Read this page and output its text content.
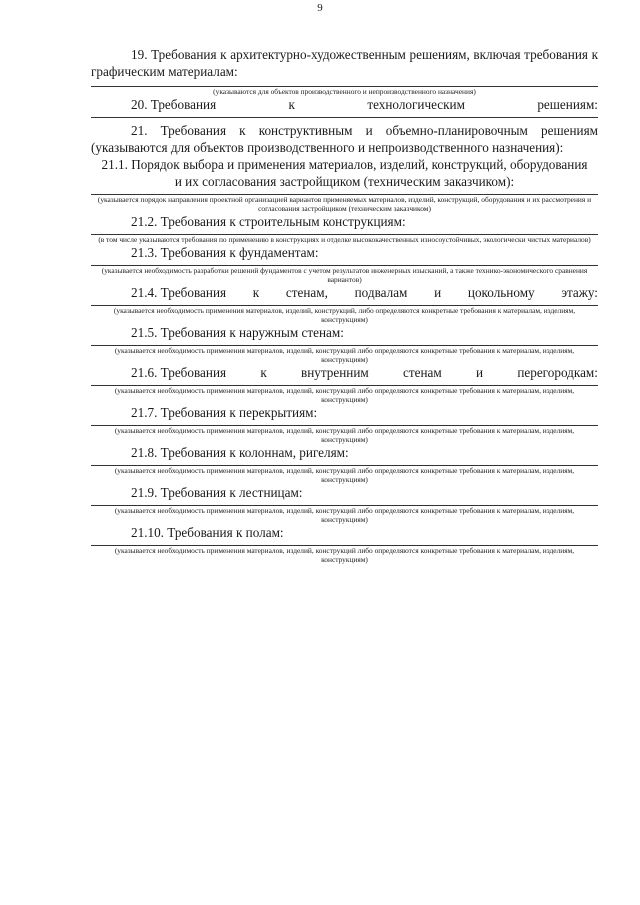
9

19. Требования к архитектурно-художественным решениям, включая требования к графическим материалам:

(указываются для объектов производственного и непроизводственного назначения)

20. Требования	к	технологическим	решениям:

21. Требования к конструктивным и объемно-планировочным решениям (указываются для объектов производственного и непроизводственного назначения):

21.1. Порядок выбора и применения материалов, изделий, конструкций, оборудования и их согласования застройщиком (техническим заказчиком):

(указывается порядок направления проектной организацией вариантов применяемых материалов, изделий, конструкций, оборудования и их рассмотрения и согласования застройщиком (техническим заказчиком)

21.2. Требования к строительным конструкциям:

(в том числе указываются требования по применению в конструкциях и отделке высококачественных износоустойчивых, экологически чистых материалов)

21.3. Требования к фундаментам:

(указывается необходимость разработки решений фундаментов с учетом результатов инженерных изысканий, а также технико-экономического сравнения вариантов)

21.4. Требования к стенам, подвалам и цокольному этажу:

(указывается необходимость применения материалов, изделий, конструкций, либо определяются конкретные требования к материалам, изделиям, конструкциям)

21.5. Требования к наружным стенам:

(указывается необходимость применения материалов, изделий, конструкций либо определяются конкретные требования к материалам, изделиям, конструкциям)

21.6. Требования	к	внутренним	стенам	и	перегородкам:

(указывается необходимость применения материалов, изделий, конструкций либо определяются конкретные требования к материалам, изделиям, конструкциям)

21.7. Требования к перекрытиям:

(указывается необходимость применения материалов, изделий, конструкций либо определяются конкретные требования к материалам, изделиям, конструкциям)

21.8. Требования к колоннам, ригелям:

(указывается необходимость применения материалов, изделий, конструкций либо определяются конкретные требования к материалам, изделиям, конструкциям)

21.9. Требования к лестницам:

(указывается необходимость применения материалов, изделий, конструкций либо определяются конкретные требования к материалам, изделиям, конструкциям)

21.10. Требования к полам:

(указывается необходимость применения материалов, изделий, конструкций либо определяются конкретные требования к материалам, изделиям, конструкциям)
